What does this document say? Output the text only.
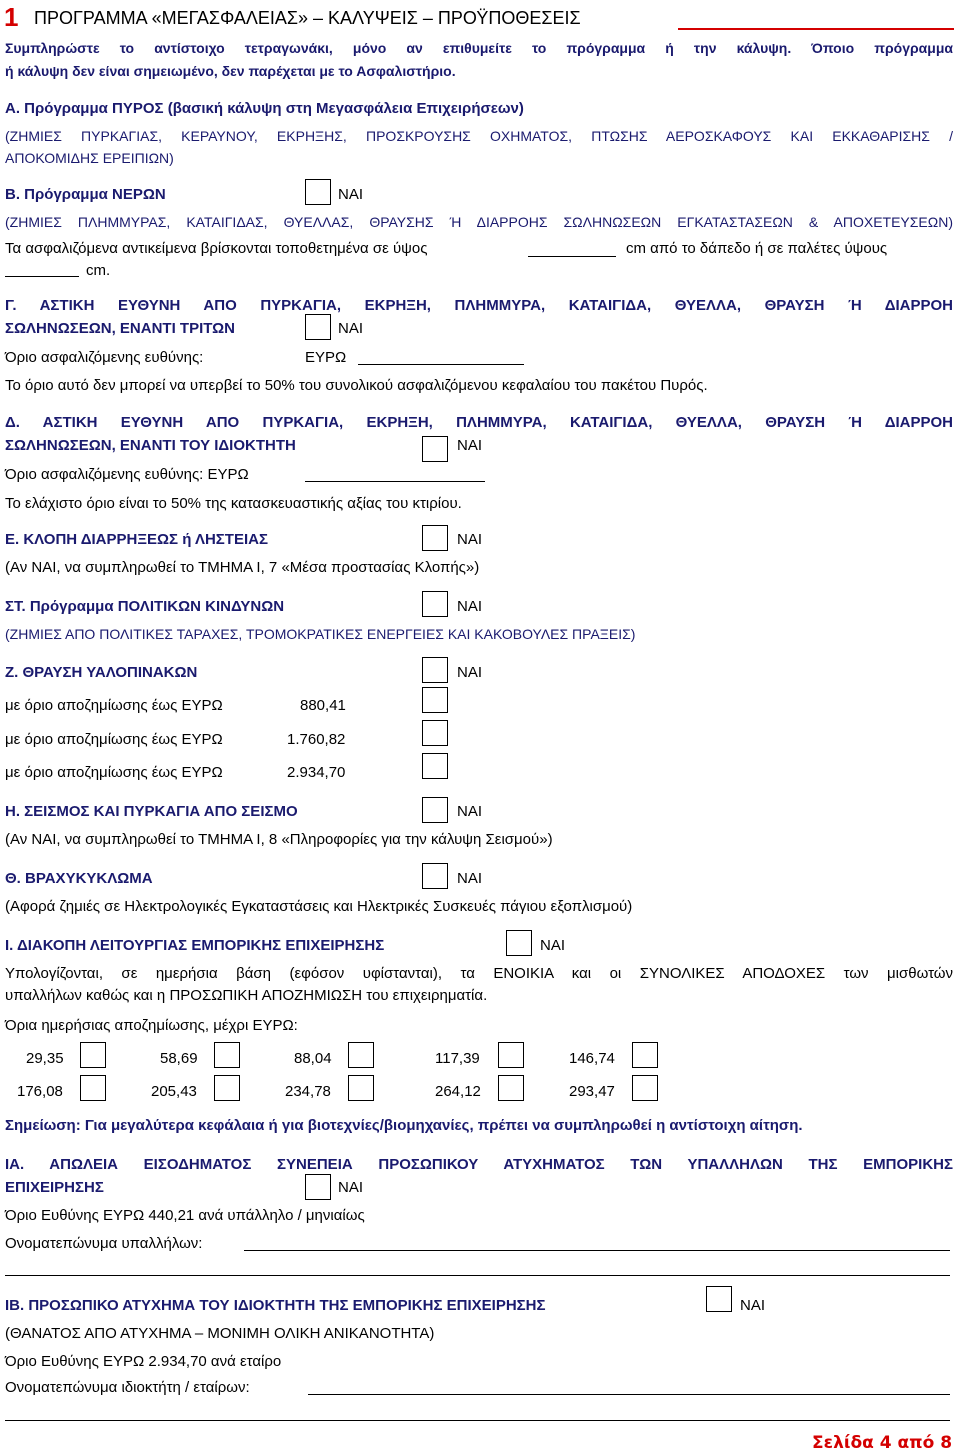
1 ΠΡΟΓΡΑΜΜΑ «ΜΕΓΑΣΦΑΛΕΙΑΣ» – ΚΑΛΥΨΕΙΣ – ΠΡΟΫΠΟΘΕΣΕΙΣ
Συμπληρώστε το αντίστοιχο τετραγωνάκι, μόνο αν επιθυμείτε το πρόγραμμα ή την κάλυψη. Όποιο πρόγραμμα
ή κάλυψη δεν είναι σημειωμένο, δεν παρέχεται με το Ασφαλιστήριο.
Α. Πρόγραμμα ΠΥΡΟΣ (βασική κάλυψη στη Μεγασφάλεια Επιχειρήσεων)
(ΖΗΜΙΕΣ ΠΥΡΚΑΓΙΑΣ, ΚΕΡΑΥΝΟΥ, ΕΚΡΗΞΗΣ, ΠΡΟΣΚΡΟΥΣΗΣ ΟΧΗΜΑΤΟΣ, ΠΤΩΣΗΣ ΑΕΡΟΣΚΑΦΟΥΣ ΚΑΙ ΕΚΚΑΘΑΡΙΣΗΣ /
ΑΠΟΚΟΜΙΔΗΣ ΕΡΕΙΠΙΩΝ)
Β. Πρόγραμμα ΝΕΡΩΝ	ΝΑΙ
(ΖΗΜΙΕΣ ΠΛΗΜΜΥΡΑΣ, ΚΑΤΑΙΓΙΔΑΣ, ΘΥΕΛΛΑΣ, ΘΡΑΥΣΗΣ Ή ΔΙΑΡΡΟΗΣ ΣΩΛΗΝΩΣΕΩΝ ΕΓΚΑΤΑΣΤΑΣΕΩΝ & ΑΠΟΧΕΤΕΥΣΕΩΝ)
Τα ασφαλιζόμενα αντικείμενα βρίσκονται τοποθετημένα σε ύψος	cm από το δάπεδο ή σε παλέτες ύψους
cm.
Γ. ΑΣΤΙΚΗ ΕΥΘΥΝΗ ΑΠΟ ΠΥΡΚΑΓΙΑ, ΕΚΡΗΞΗ, ΠΛΗΜΜΥΡΑ, ΚΑΤΑΙΓΙΔΑ, ΘΥΕΛΛΑ, ΘΡΑΥΣΗ Ή ΔΙΑΡΡΟΗ
ΣΩΛΗΝΩΣΕΩΝ, ΕΝΑΝΤΙ ΤΡΙΤΩΝ	ΝΑΙ
Όριο ασφαλιζόμενης ευθύνης:	ΕΥΡΩ
Το όριο αυτό δεν μπορεί να υπερβεί το 50% του συνολικού ασφαλιζόμενου κεφαλαίου του πακέτου Πυρός.
Δ. ΑΣΤΙΚΗ ΕΥΘΥΝΗ ΑΠΟ ΠΥΡΚΑΓΙΑ, ΕΚΡΗΞΗ, ΠΛΗΜΜΥΡΑ, ΚΑΤΑΙΓΙΔΑ, ΘΥΕΛΛΑ, ΘΡΑΥΣΗ Ή ΔΙΑΡΡΟΗ
ΣΩΛΗΝΩΣΕΩΝ, ΕΝΑΝΤΙ ΤΟΥ ΙΔΙΟΚΤΗΤΗ	ΝΑΙ
Όριο ασφαλιζόμενης ευθύνης: ΕΥΡΩ
Το ελάχιστο όριο είναι το 50% της κατασκευαστικής αξίας του κτιρίου.
Ε. ΚΛΟΠΗ ΔΙΑΡΡΗΞΕΩΣ ή ΛΗΣΤΕΙΑΣ	ΝΑΙ
(Αν ΝΑΙ, να συμπληρωθεί το ΤΜΗΜΑ Ι, 7 «Μέσα προστασίας Κλοπής»)
ΣΤ. Πρόγραμμα ΠΟΛΙΤΙΚΩΝ ΚΙΝΔΥΝΩΝ	ΝΑΙ
(ΖΗΜΙΕΣ ΑΠΟ ΠΟΛΙΤΙΚΕΣ ΤΑΡΑΧΕΣ, ΤΡΟΜΟΚΡΑΤΙΚΕΣ ΕΝΕΡΓΕΙΕΣ ΚΑΙ ΚΑΚΟΒΟΥΛΕΣ ΠΡΑΞΕΙΣ)
Ζ. ΘΡΑΥΣΗ ΥΑΛΟΠΙΝΑΚΩΝ	ΝΑΙ
με όριο αποζημίωσης έως ΕΥΡΩ	880,41
με όριο αποζημίωσης έως ΕΥΡΩ	1.760,82
με όριο αποζημίωσης έως ΕΥΡΩ	2.934,70
Η. ΣΕΙΣΜΟΣ ΚΑΙ ΠΥΡΚΑΓΙΑ ΑΠΟ ΣΕΙΣΜΟ	ΝΑΙ
(Αν ΝΑΙ, να συμπληρωθεί το ΤΜΗΜΑ Ι, 8 «Πληροφορίες για την κάλυψη Σεισμού»)
Θ. ΒΡΑΧΥΚΥΚΛΩΜΑ	ΝΑΙ
(Αφορά ζημιές σε Ηλεκτρολογικές Εγκαταστάσεις και Ηλεκτρικές Συσκευές πάγιου εξοπλισμού)
Ι. ΔΙΑΚΟΠΗ ΛΕΙΤΟΥΡΓΙΑΣ ΕΜΠΟΡΙΚΗΣ ΕΠΙΧΕΙΡΗΣΗΣ	ΝΑΙ
Υπολογίζονται, σε ημερήσια βάση (εφόσον υφίστανται), τα ΕΝΟΙΚΙΑ και οι ΣΥΝΟΛΙΚΕΣ ΑΠΟΔΟΧΕΣ των μισθωτών
υπαλλήλων καθώς και η ΠΡΟΣΩΠΙΚΗ ΑΠΟΖΗΜΙΩΣΗ του επιχειρηματία.
Όρια ημερήσιας αποζημίωσης, μέχρι ΕΥΡΩ:
29,35	58,69	88,04	117,39	146,74
176,08	205,43	234,78	264,12	293,47
Σημείωση: Για μεγαλύτερα κεφάλαια ή για βιοτεχνίες/βιομηχανίες, πρέπει να συμπληρωθεί η αντίστοιχη αίτηση.
ΙΑ. ΑΠΩΛΕΙΑ ΕΙΣΟΔΗΜΑΤΟΣ ΣΥΝΕΠΕΙΑ ΠΡΟΣΩΠΙΚΟΥ ΑΤΥΧΗΜΑΤΟΣ ΤΩΝ ΥΠΑΛΛΗΛΩΝ ΤΗΣ ΕΜΠΟΡΙΚΗΣ
ΕΠΙΧΕΙΡΗΣΗΣ	ΝΑΙ
Όριο Ευθύνης ΕΥΡΩ 440,21 ανά υπάλληλο / μηνιαίως
Ονοματεπώνυμα υπαλλήλων:
ΙΒ. ΠΡΟΣΩΠΙΚΟ ΑΤΥΧΗΜΑ ΤΟΥ ΙΔΙΟΚΤΗΤΗ ΤΗΣ ΕΜΠΟΡΙΚΗΣ ΕΠΙΧΕΙΡΗΣΗΣ	ΝΑΙ
(ΘΑΝΑΤΟΣ ΑΠΟ ΑΤΥΧΗΜΑ – ΜΟΝΙΜΗ ΟΛΙΚΗ ΑΝΙΚΑΝΟΤΗΤΑ)
Όριο Ευθύνης ΕΥΡΩ 2.934,70 ανά εταίρο
Ονοματεπώνυμα ιδιοκτήτη / εταίρων:
Σελίδα 4 από 8
